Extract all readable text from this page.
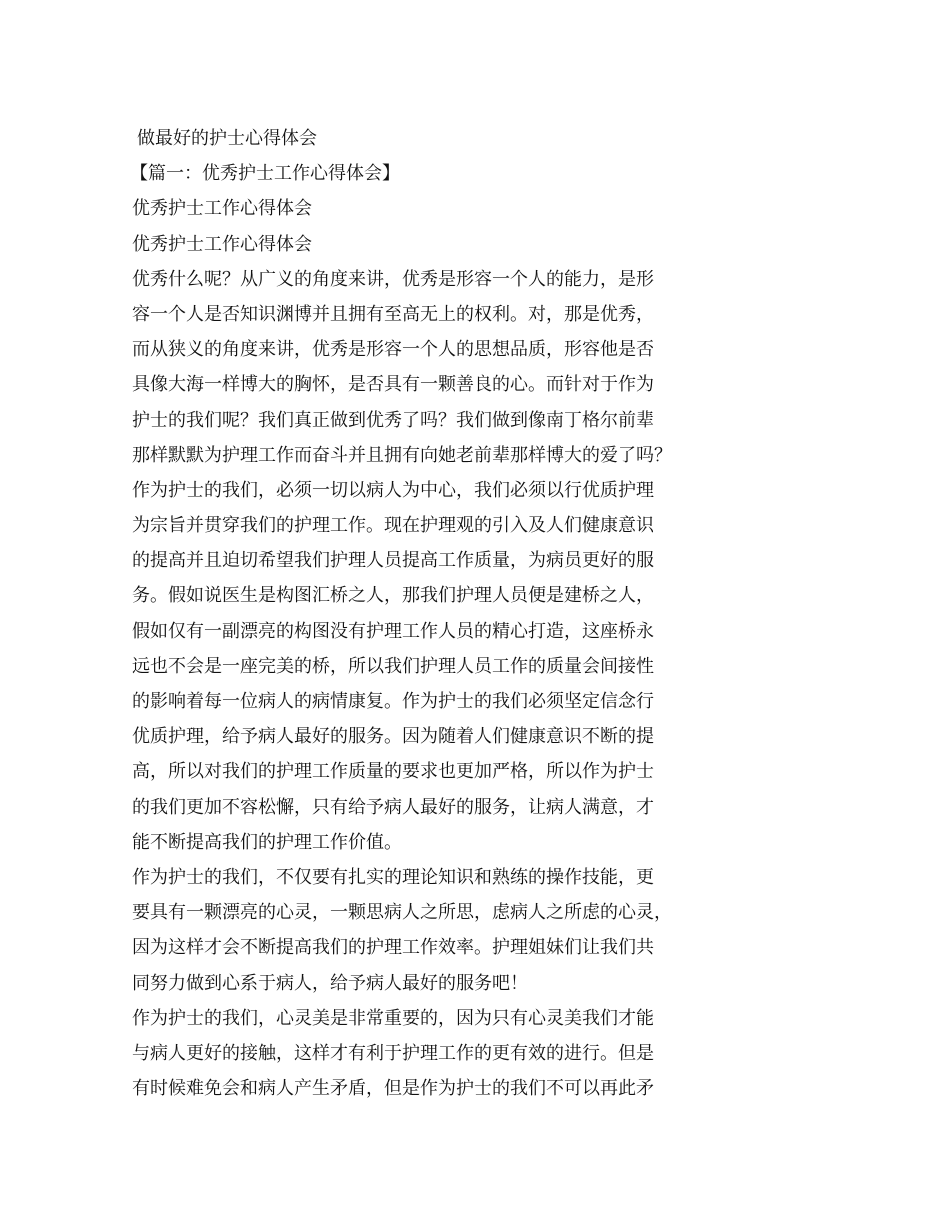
做最好的护士心得体会
【篇一：优秀护士工作心得体会】
优秀护士工作心得体会
优秀护士工作心得体会
优秀什么呢？从广义的角度来讲，优秀是形容一个人的能力，是形
容一个人是否知识渊博并且拥有至高无上的权利。对，那是优秀，
而从狭义的角度来讲，优秀是形容一个人的思想品质，形容他是否
具像大海一样博大的胸怀，是否具有一颗善良的心。而针对于作为
护士的我们呢？我们真正做到优秀了吗？我们做到像南丁格尔前辈
那样默默为护理工作而奋斗并且拥有向她老前辈那样博大的爱了吗？
作为护士的我们，必须一切以病人为中心，我们必须以行优质护理
为宗旨并贯穿我们的护理工作。现在护理观的引入及人们健康意识
的提高并且迫切希望我们护理人员提高工作质量，为病员更好的服
务。假如说医生是构图汇桥之人，那我们护理人员便是建桥之人，
假如仅有一副漂亮的构图没有护理工作人员的精心打造，这座桥永
远也不会是一座完美的桥，所以我们护理人员工作的质量会间接性
的影响着每一位病人的病情康复。作为护士的我们必须坚定信念行
优质护理，给予病人最好的服务。因为随着人们健康意识不断的提
高，所以对我们的护理工作质量的要求也更加严格，所以作为护士
的我们更加不容松懈，只有给予病人最好的服务，让病人满意，才
能不断提高我们的护理工作价值。
作为护士的我们，不仅要有扎实的理论知识和熟练的操作技能，更
要具有一颗漂亮的心灵，一颗思病人之所思，虑病人之所虑的心灵，
因为这样才会不断提高我们的护理工作效率。护理姐妹们让我们共
同努力做到心系于病人，给予病人最好的服务吧！
作为护士的我们，心灵美是非常重要的，因为只有心灵美我们才能
与病人更好的接触，这样才有利于护理工作的更有效的进行。但是
有时候难免会和病人产生矛盾，但是作为护士的我们不可以再此矛
